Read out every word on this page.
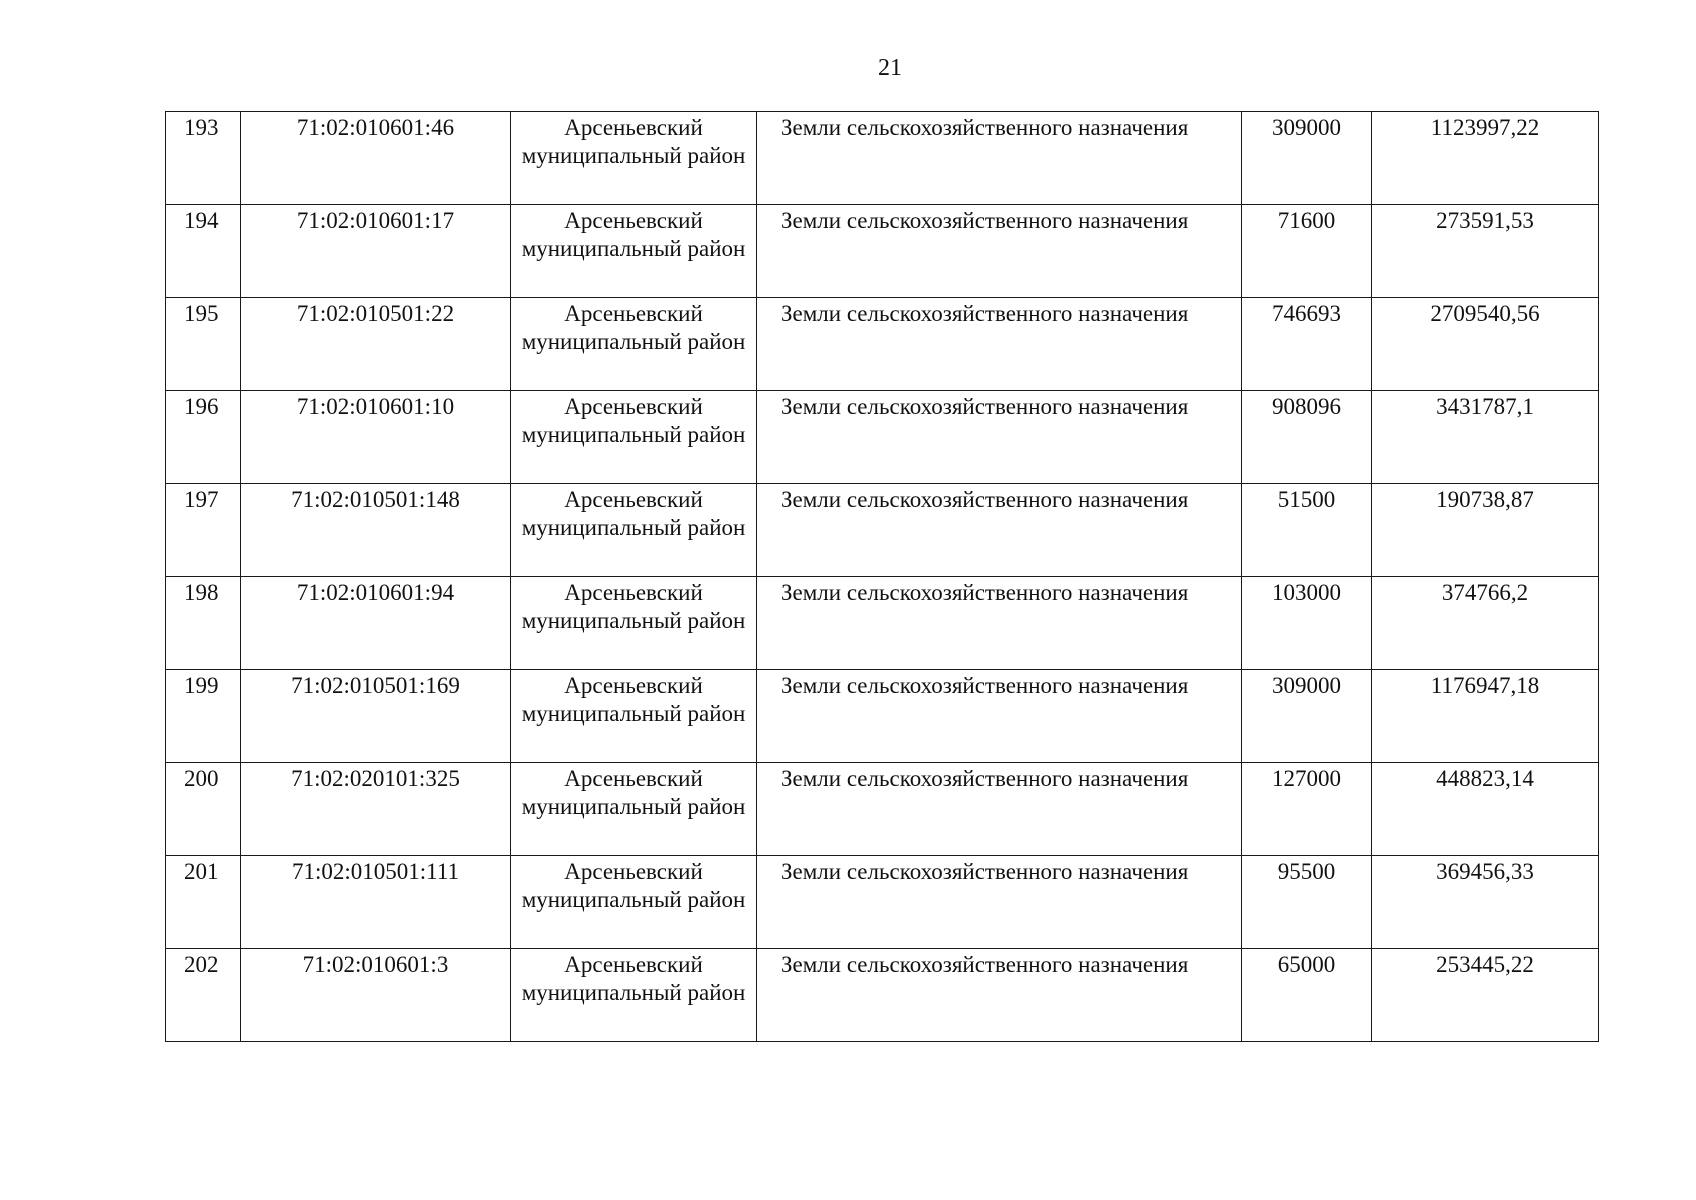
21
193	71:02:010601:46	Арсеньевский муниципальный район	Земли сельскохозяйственного назначения	309000	1123997,22
194	71:02:010601:17	Арсеньевский муниципальный район	Земли сельскохозяйственного назначения	71600	273591,53
195	71:02:010501:22	Арсеньевский муниципальный район	Земли сельскохозяйственного назначения	746693	2709540,56
196	71:02:010601:10	Арсеньевский муниципальный район	Земли сельскохозяйственного назначения	908096	3431787,1
197	71:02:010501:148	Арсеньевский муниципальный район	Земли сельскохозяйственного назначения	51500	190738,87
198	71:02:010601:94	Арсеньевский муниципальный район	Земли сельскохозяйственного назначения	103000	374766,2
199	71:02:010501:169	Арсеньевский муниципальный район	Земли сельскохозяйственного назначения	309000	1176947,18
200	71:02:020101:325	Арсеньевский муниципальный район	Земли сельскохозяйственного назначения	127000	448823,14
201	71:02:010501:111	Арсеньевский муниципальный район	Земли сельскохозяйственного назначения	95500	369456,33
202	71:02:010601:3	Арсеньевский муниципальный район	Земли сельскохозяйственного назначения	65000	253445,22
